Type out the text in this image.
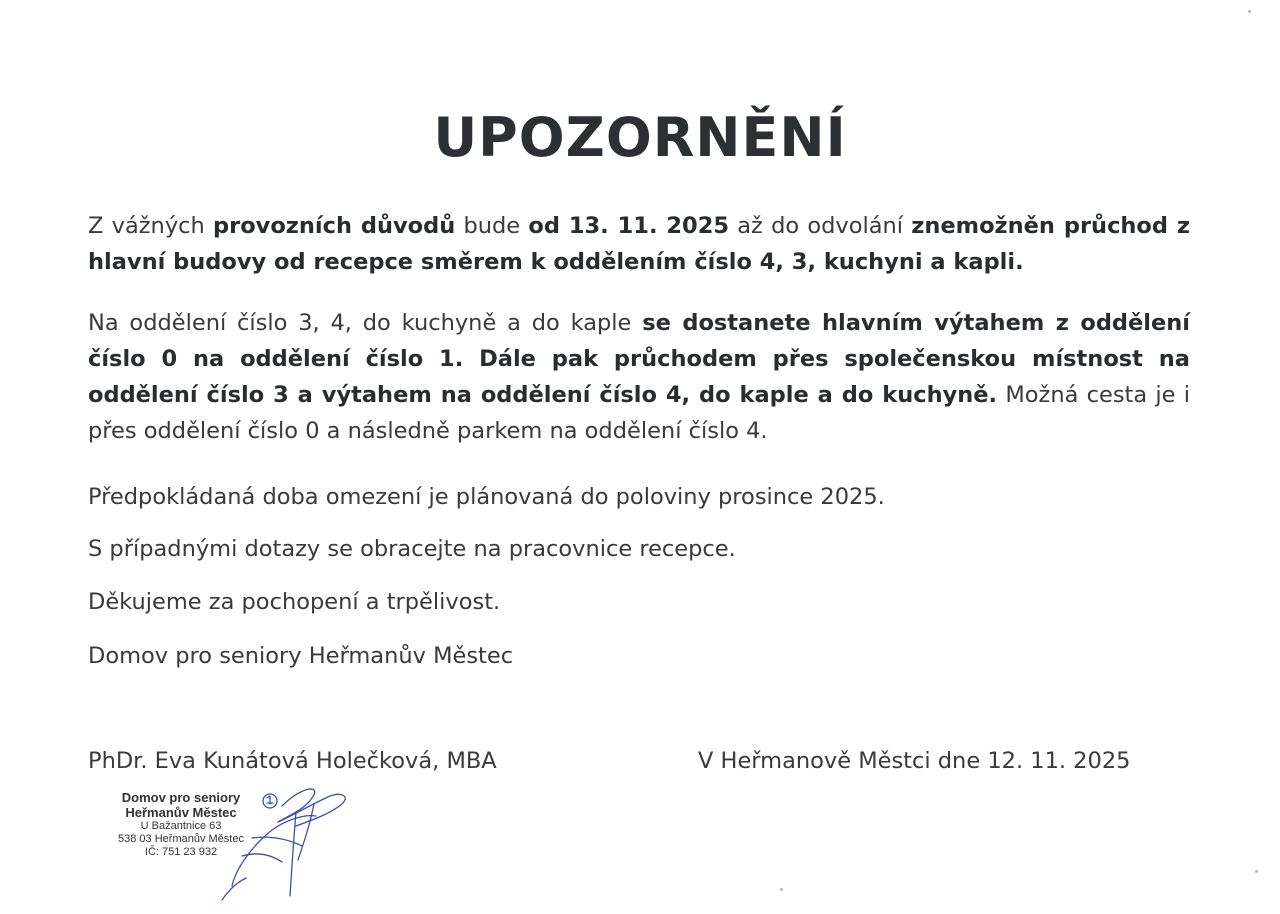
UPOZORNĚNÍ

Z vážných provozních důvodů bude od 13. 11. 2025 až do odvolání znemožněn průchod z hlavní budovy od recepce směrem k oddělením číslo 4, 3, kuchyni a kapli.

Na oddělení číslo 3, 4, do kuchyně a do kaple se dostanete hlavním výtahem z oddělení číslo 0 na oddělení číslo 1. Dále pak průchodem přes společenskou místnost na oddělení číslo 3 a výtahem na oddělení číslo 4, do kaple a do kuchyně. Možná cesta je i přes oddělení číslo 0 a následně parkem na oddělení číslo 4.

Předpokládaná doba omezení je plánovaná do poloviny prosince 2025.

S případnými dotazy se obracejte na pracovnice recepce.

Děkujeme za pochopení a trpělivost.

Domov pro seniory Heřmanův Městec

PhDr. Eva Kunátová Holečková, MBA	V Heřmanově Městci dne 12. 11. 2025
Domov pro seniory
Heřmanův Městec
U Bažantnice 63
538 03 Heřmanův Městec
IČ: 751 23 932
